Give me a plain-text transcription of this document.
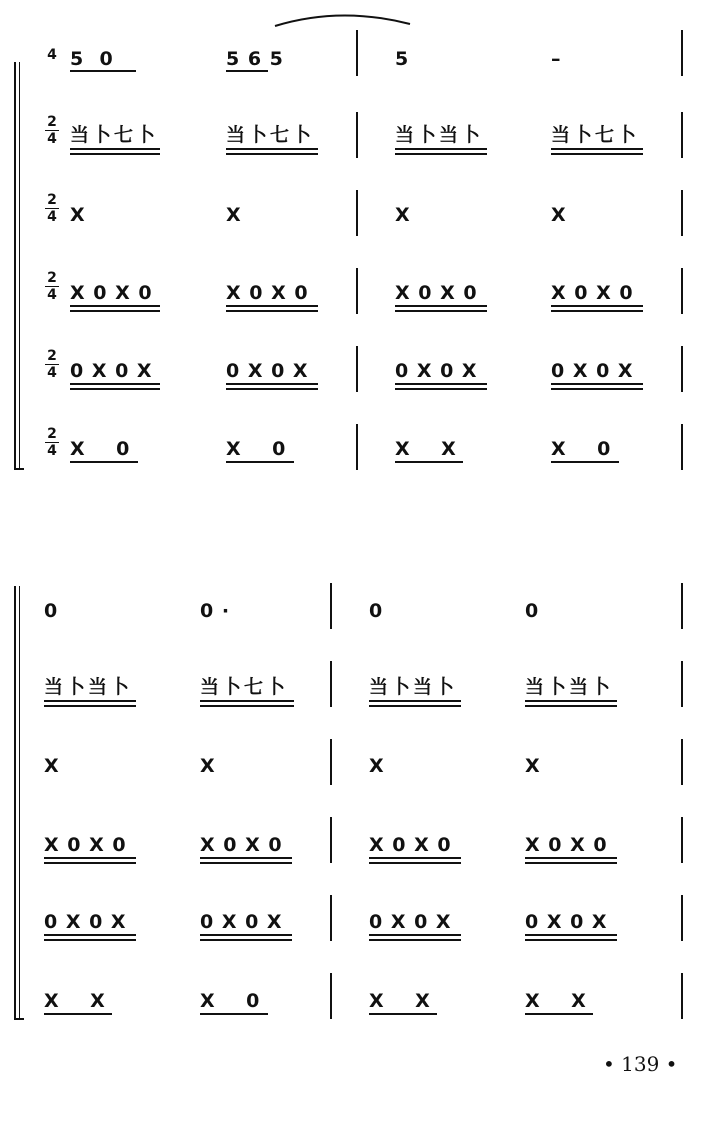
4
2
4
2
4
2
4
2
4
2
4
5  0	5 6 5	5	–
当卜七卜	当卜七卜	当卜当卜	当卜七卜
X	X	X	X
X 0 X 0	X 0 X 0	X 0 X 0	X 0 X 0
0 X 0 X	0 X 0 X	0 X 0 X	0 X 0 X
X    0	X    0	X    X	X    0
0	0 ·	0	0
当卜当卜	当卜七卜	当卜当卜	当卜当卜
X	X	X	X
X 0 X 0	X 0 X 0	X 0 X 0	X 0 X 0
0 X 0 X	0 X 0 X	0 X 0 X	0 X 0 X
X    X	X    0	X    X	X    X
• 139 •
